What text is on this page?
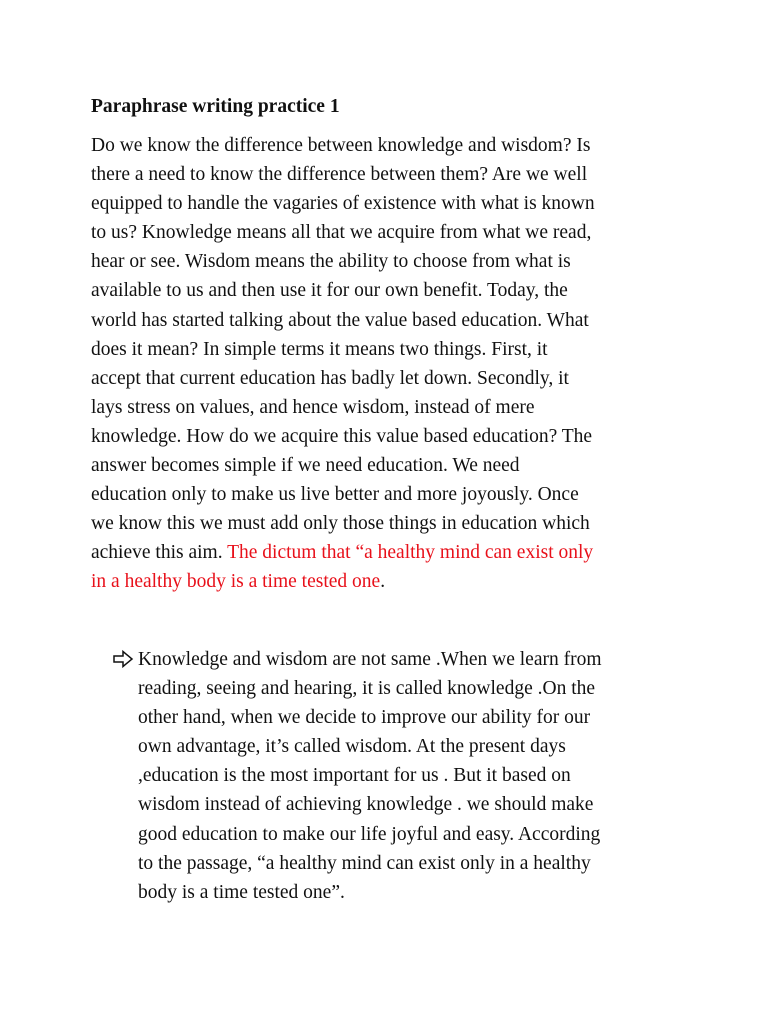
Paraphrase writing practice 1
Do we know the difference between knowledge and wisdom? Is
there a need to know the difference between them? Are we well
equipped to handle the vagaries of existence with what is known
to us? Knowledge means all that we acquire from what we read,
hear or see. Wisdom means the ability to choose from what is
available to us and then use it for our own benefit. Today, the
world has started talking about the value based education. What
does it mean? In simple terms it means two things. First, it
accept that current education has badly let down. Secondly, it
lays stress on values, and hence wisdom, instead of mere
knowledge. How do we acquire this value based education? The
answer becomes simple if we need education. We need
education only to make us live better and more joyously. Once
we know this we must add only those things in education which
achieve this aim. The dictum that “a healthy mind can exist only
in a healthy body is a time tested one.
Knowledge and wisdom are not same .When we learn from
reading, seeing and hearing, it is called knowledge .On the
other hand, when we decide to improve our ability for our
own advantage, it’s called wisdom. At the present days
,education is the most important for us . But it based on
wisdom instead of achieving knowledge . we should make
good education to make our life joyful and easy. According
to the passage, “a healthy mind can exist only in a healthy
body is a time tested one”.
